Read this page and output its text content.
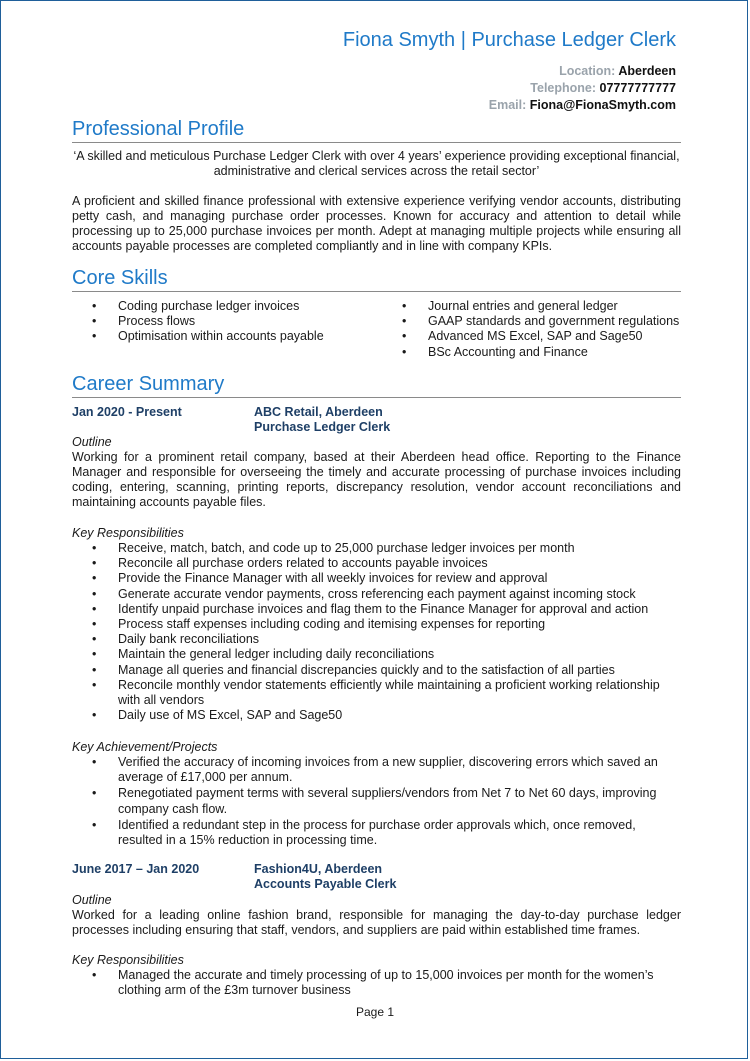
Fiona Smyth | Purchase Ledger Clerk
Location: Aberdeen
Telephone: 07777777777
Email: Fiona@FionaSmyth.com
Professional Profile

‘A skilled and meticulous Purchase Ledger Clerk with over 4 years’ experience providing exceptional financial, administrative and clerical services across the retail sector’

A proficient and skilled finance professional with extensive experience verifying vendor accounts, distributing petty cash, and managing purchase order processes. Known for accuracy and attention to detail while processing up to 25,000 purchase invoices per month. Adept at managing multiple projects while ensuring all accounts payable processes are completed compliantly and in line with company KPIs.

Core Skills
• Coding purchase ledger invoices
• Process flows
• Optimisation within accounts payable
• Journal entries and general ledger
• GAAP standards and government regulations
• Advanced MS Excel, SAP and Sage50
• BSc Accounting and Finance
Career Summary
Jan 2020 - Present	ABC Retail, Aberdeen
Purchase Ledger Clerk
Outline

Working for a prominent retail company, based at their Aberdeen head office. Reporting to the Finance Manager and responsible for overseeing the timely and accurate processing of purchase invoices including coding, entering, scanning, printing reports, discrepancy resolution, vendor account reconciliations and maintaining accounts payable files.

Key Responsibilities
• Receive, match, batch, and code up to 25,000 purchase ledger invoices per month
• Reconcile all purchase orders related to accounts payable invoices
• Provide the Finance Manager with all weekly invoices for review and approval
• Generate accurate vendor payments, cross referencing each payment against incoming stock
• Identify unpaid purchase invoices and flag them to the Finance Manager for approval and action
• Process staff expenses including coding and itemising expenses for reporting
• Daily bank reconciliations
• Maintain the general ledger including daily reconciliations
• Manage all queries and financial discrepancies quickly and to the satisfaction of all parties
• Reconcile monthly vendor statements efficiently while maintaining a proficient working relationship with all vendors
• Daily use of MS Excel, SAP and Sage50
Key Achievement/Projects
• Verified the accuracy of incoming invoices from a new supplier, discovering errors which saved an average of £17,000 per annum.
• Renegotiated payment terms with several suppliers/vendors from Net 7 to Net 60 days, improving company cash flow.
• Identified a redundant step in the process for purchase order approvals which, once removed, resulted in a 15% reduction in processing time.
June 2017 – Jan 2020	Fashion4U, Aberdeen
Accounts Payable Clerk
Outline

Worked for a leading online fashion brand, responsible for managing the day-to-day purchase ledger processes including ensuring that staff, vendors, and suppliers are paid within established time frames.

Key Responsibilities
• Managed the accurate and timely processing of up to 15,000 invoices per month for the women’s clothing arm of the £3m turnover business
Page 1
